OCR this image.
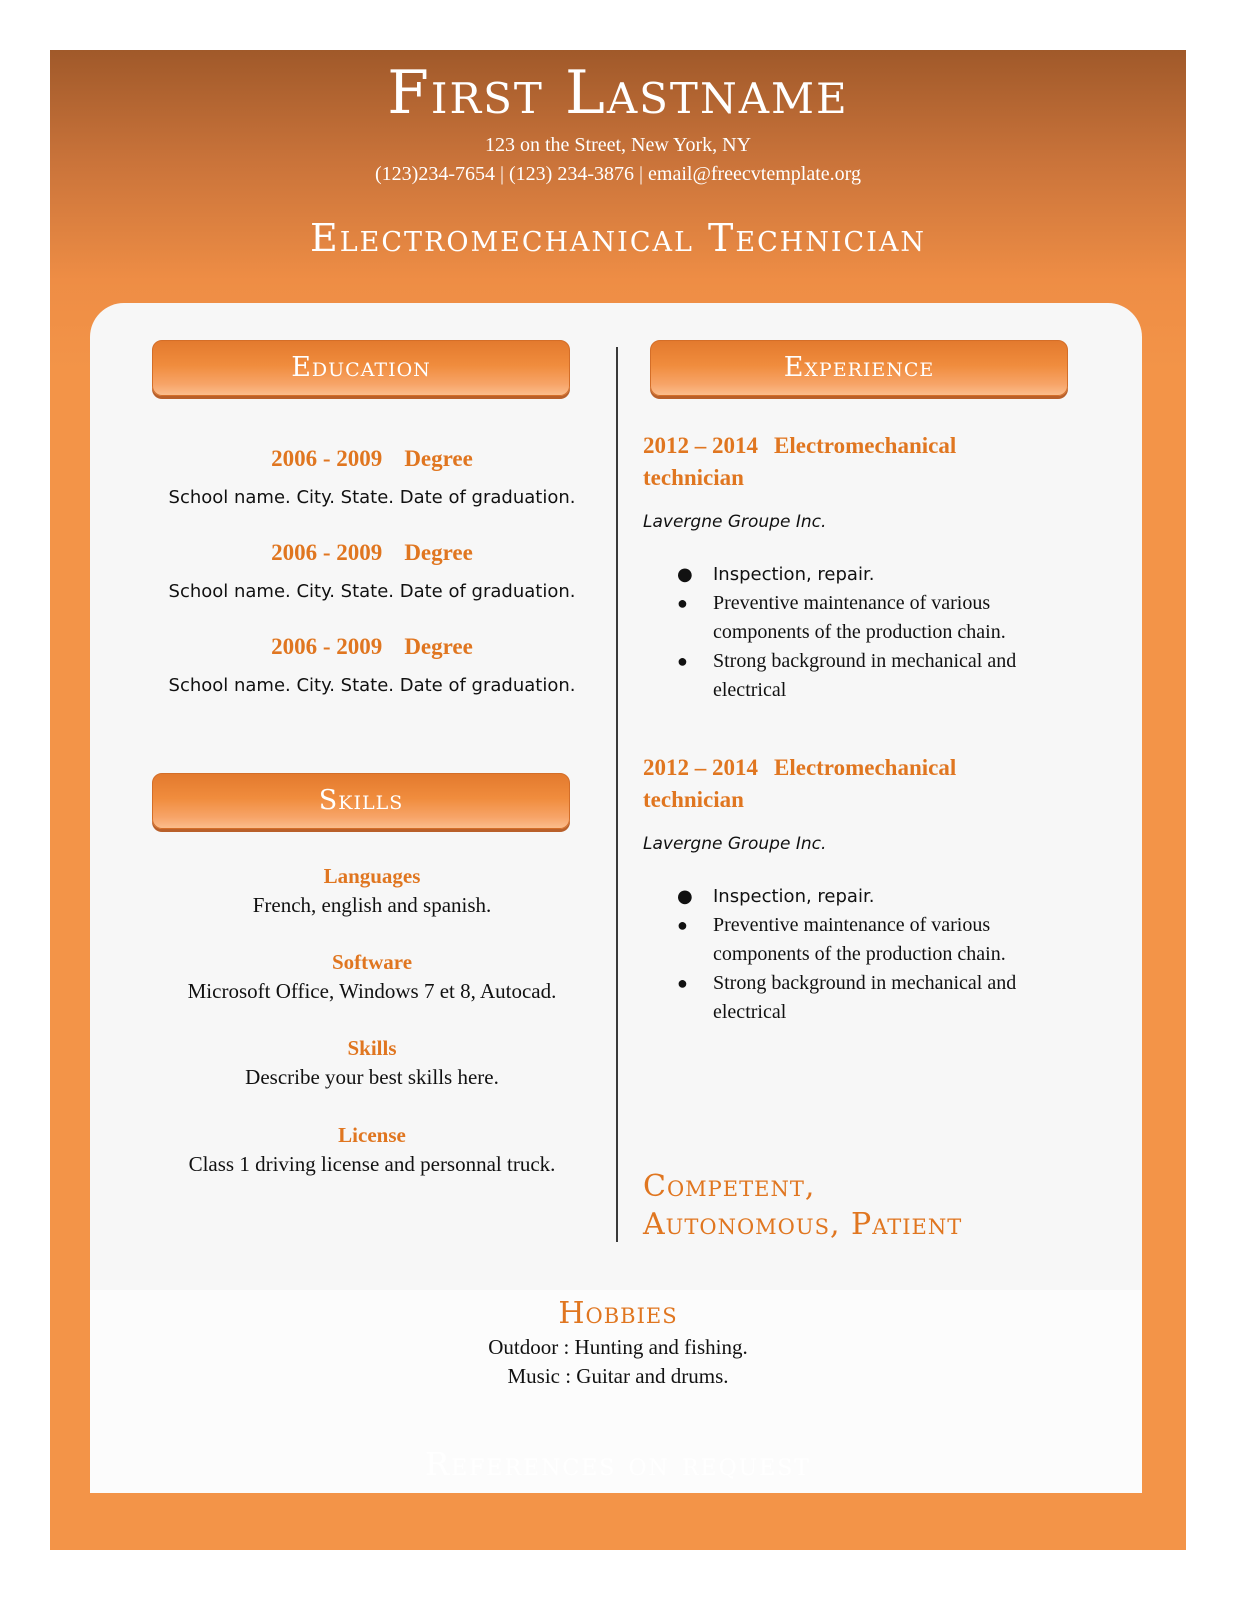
First Lastname
123 on the Street, New York, NY
(123)234-7654 | (123) 234-3876 | email@freecvtemplate.org
Electromechanical Technician
Education
2006 - 2009 Degree
School name. City. State. Date of graduation.
2006 - 2009 Degree
School name. City. State. Date of graduation.
2006 - 2009 Degree
School name. City. State. Date of graduation.
Skills
Languages
French, english and spanish.
Software
Microsoft Office, Windows 7 et 8, Autocad.
Skills
Describe your best skills here.
License
Class 1 driving license and personnal truck.
Experience
2012 – 2014 Electromechanical technician
Lavergne Groupe Inc.
● Inspection, repair.
● Preventive maintenance of various components of the production chain.
● Strong background in mechanical and electrical
2012 – 2014 Electromechanical technician
Lavergne Groupe Inc.
● Inspection, repair.
● Preventive maintenance of various components of the production chain.
● Strong background in mechanical and electrical
Competent,
Autonomous, Patient
Hobbies
Outdoor : Hunting and fishing.
Music : Guitar and drums.
References on request
